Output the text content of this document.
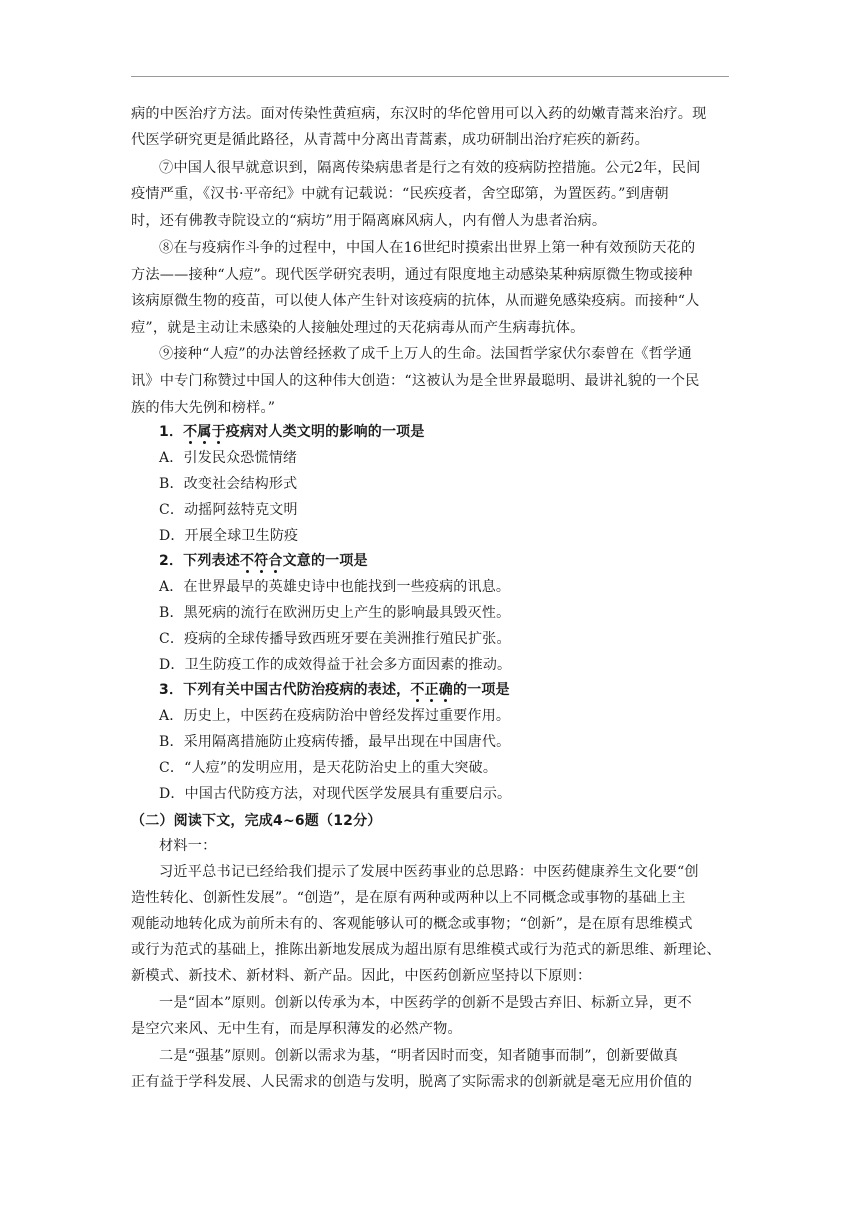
病的中医治疗方法。面对传染性黄疸病，东汉时的华佗曾用可以入药的幼嫩青蒿来治疗。现
代医学研究更是循此路径，从青蒿中分离出青蒿素，成功研制出治疗疟疾的新药。
⑦中国人很早就意识到，隔离传染病患者是行之有效的疫病防控措施。公元2年，民间
疫情严重，《汉书·平帝纪》中就有记载说：“民疾疫者，舍空邸第，为置医药。”到唐朝
时，还有佛教寺院设立的“病坊”用于隔离麻风病人，内有僧人为患者治病。
⑧在与疫病作斗争的过程中，中国人在16世纪时摸索出世界上第一种有效预防天花的
方法——接种“人痘”。现代医学研究表明，通过有限度地主动感染某种病原微生物或接种
该病原微生物的疫苗，可以使人体产生针对该疫病的抗体，从而避免感染疫病。而接种“人
痘”，就是主动让未感染的人接触处理过的天花病毒从而产生病毒抗体。
⑨接种“人痘”的办法曾经拯救了成千上万人的生命。法国哲学家伏尔泰曾在《哲学通
讯》中专门称赞过中国人的这种伟大创造：“这被认为是全世界最聪明、最讲礼貌的一个民
族的伟大先例和榜样。”
1．不属于疫病对人类文明的影响的一项是
A．引发民众恐慌情绪
B．改变社会结构形式
C．动摇阿兹特克文明
D．开展全球卫生防疫
2．下列表述不符合文意的一项是
A．在世界最早的英雄史诗中也能找到一些疫病的讯息。
B．黑死病的流行在欧洲历史上产生的影响最具毁灭性。
C．疫病的全球传播导致西班牙要在美洲推行殖民扩张。
D．卫生防疫工作的成效得益于社会多方面因素的推动。
3．下列有关中国古代防治疫病的表述，不正确的一项是
A．历史上，中医药在疫病防治中曾经发挥过重要作用。
B．采用隔离措施防止疫病传播，最早出现在中国唐代。
C．“人痘”的发明应用，是天花防治史上的重大突破。
D．中国古代防疫方法，对现代医学发展具有重要启示。
（二）阅读下文，完成4~6题（12分）
材料一：
习近平总书记已经给我们提示了发展中医药事业的总思路：中医药健康养生文化要“创
造性转化、创新性发展”。“创造”，是在原有两种或两种以上不同概念或事物的基础上主
观能动地转化成为前所未有的、客观能够认可的概念或事物；“创新”，是在原有思维模式
或行为范式的基础上，推陈出新地发展成为超出原有思维模式或行为范式的新思维、新理论、
新模式、新技术、新材料、新产品。因此，中医药创新应坚持以下原则：
一是“固本”原则。创新以传承为本，中医药学的创新不是毁古弃旧、标新立异，更不
是空穴来风、无中生有，而是厚积薄发的必然产物。
二是“强基”原则。创新以需求为基，“明者因时而变，知者随事而制”，创新要做真
正有益于学科发展、人民需求的创造与发明，脱离了实际需求的创新就是毫无应用价值的
